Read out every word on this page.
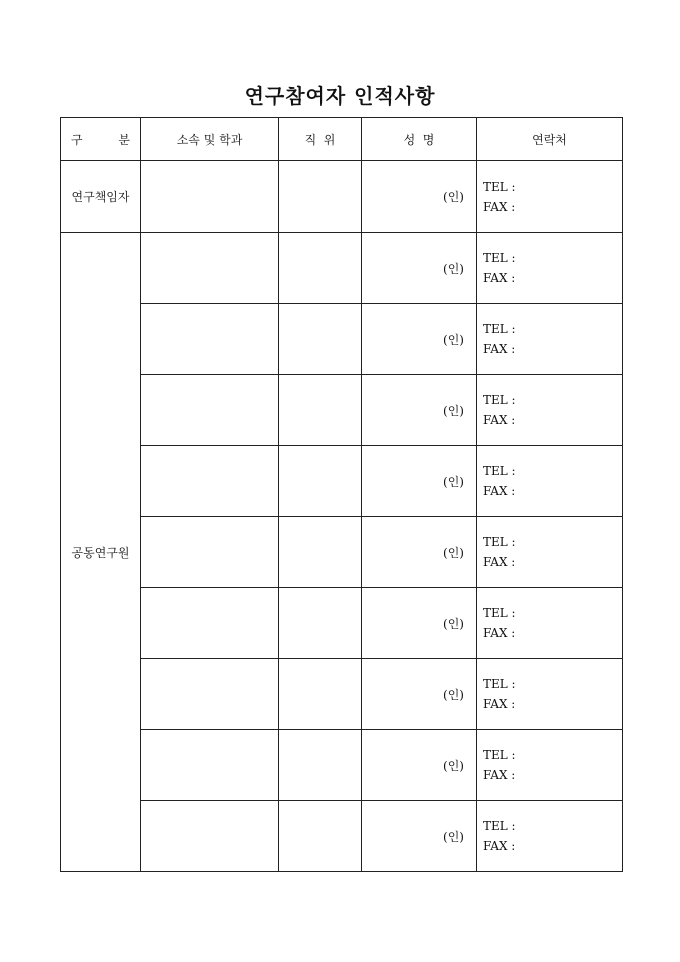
연구참여자 인적사항
구 분	소속 및 학과	직  위	성  명	연락처
연구책임자			(인)	TEL :
FAX :

공동연구원			(인)	TEL :
FAX :

			(인)	TEL :
FAX :

			(인)	TEL :
FAX :

			(인)	TEL :
FAX :

			(인)	TEL :
FAX :

			(인)	TEL :
FAX :

			(인)	TEL :
FAX :

			(인)	TEL :
FAX :

			(인)	TEL :
FAX :
